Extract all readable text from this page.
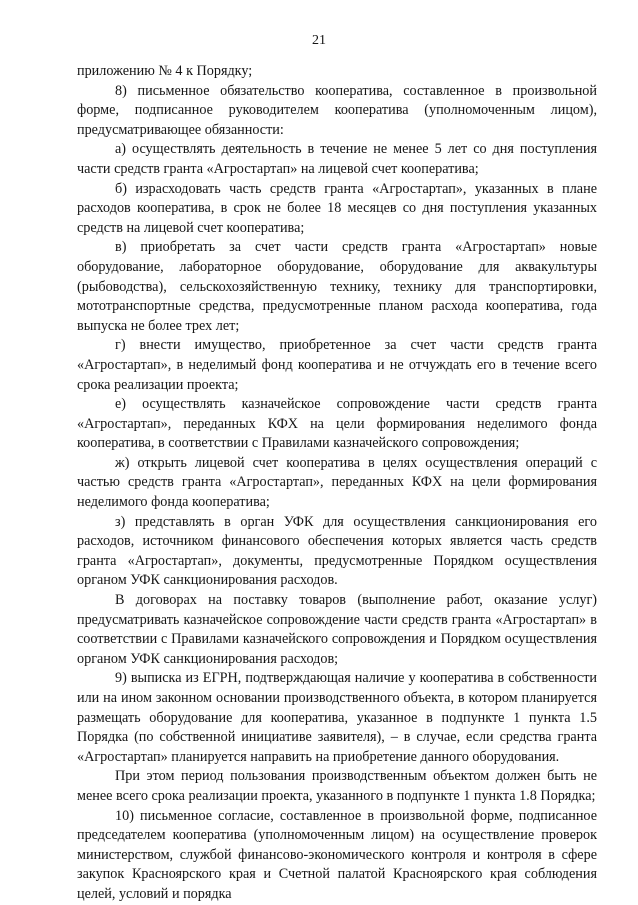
21

приложению № 4 к Порядку;

8) письменное обязательство кооператива, составленное в произвольной форме, подписанное руководителем кооператива (уполномоченным лицом), предусматривающее обязанности:

а) осуществлять деятельность в течение не менее 5 лет со дня поступления части средств гранта «Агростартап» на лицевой счет кооператива;

б) израсходовать часть средств гранта «Агростартап», указанных в плане расходов кооператива, в срок не более 18 месяцев со дня поступления указанных средств на лицевой счет кооператива;

в) приобретать за счет части средств гранта «Агростартап» новые оборудование, лабораторное оборудование, оборудование для аквакультуры (рыбоводства), сельскохозяйственную технику, технику для транспортировки, мототранспортные средства, предусмотренные планом расхода кооператива, года выпуска не более трех лет;

г) внести имущество, приобретенное за счет части средств гранта «Агростартап», в неделимый фонд кооператива и не отчуждать его в течение всего срока реализации проекта;

е) осуществлять казначейское сопровождение части средств гранта «Агростартап», переданных КФХ на цели формирования неделимого фонда кооператива, в соответствии с Правилами казначейского сопровождения;

ж) открыть лицевой счет кооператива в целях осуществления операций с частью средств гранта «Агростартап», переданных КФХ на цели формирования неделимого фонда кооператива;

з) представлять в орган УФК для осуществления санкционирования его расходов, источником финансового обеспечения которых является часть средств гранта «Агростартап», документы, предусмотренные Порядком осуществления органом УФК санкционирования расходов.

В договорах на поставку товаров (выполнение работ, оказание услуг) предусматривать казначейское сопровождение части средств гранта «Агростартап» в соответствии с Правилами казначейского сопровождения и Порядком осуществления органом УФК санкционирования расходов;

9) выписка из ЕГРН, подтверждающая наличие у кооператива в собственности или на ином законном основании производственного объекта, в котором планируется размещать оборудование для кооператива, указанное в подпункте 1 пункта 1.5 Порядка (по собственной инициативе заявителя), – в случае, если средства гранта «Агростартап» планируется направить на приобретение данного оборудования.

При этом период пользования производственным объектом должен быть не менее всего срока реализации проекта, указанного в подпункте 1 пункта 1.8 Порядка;

10) письменное согласие, составленное в произвольной форме, подписанное председателем кооператива (уполномоченным лицом) на осуществление проверок министерством, службой финансово-экономического контроля и контроля в сфере закупок Красноярского края и Счетной палатой Красноярского края соблюдения целей, условий и порядка
